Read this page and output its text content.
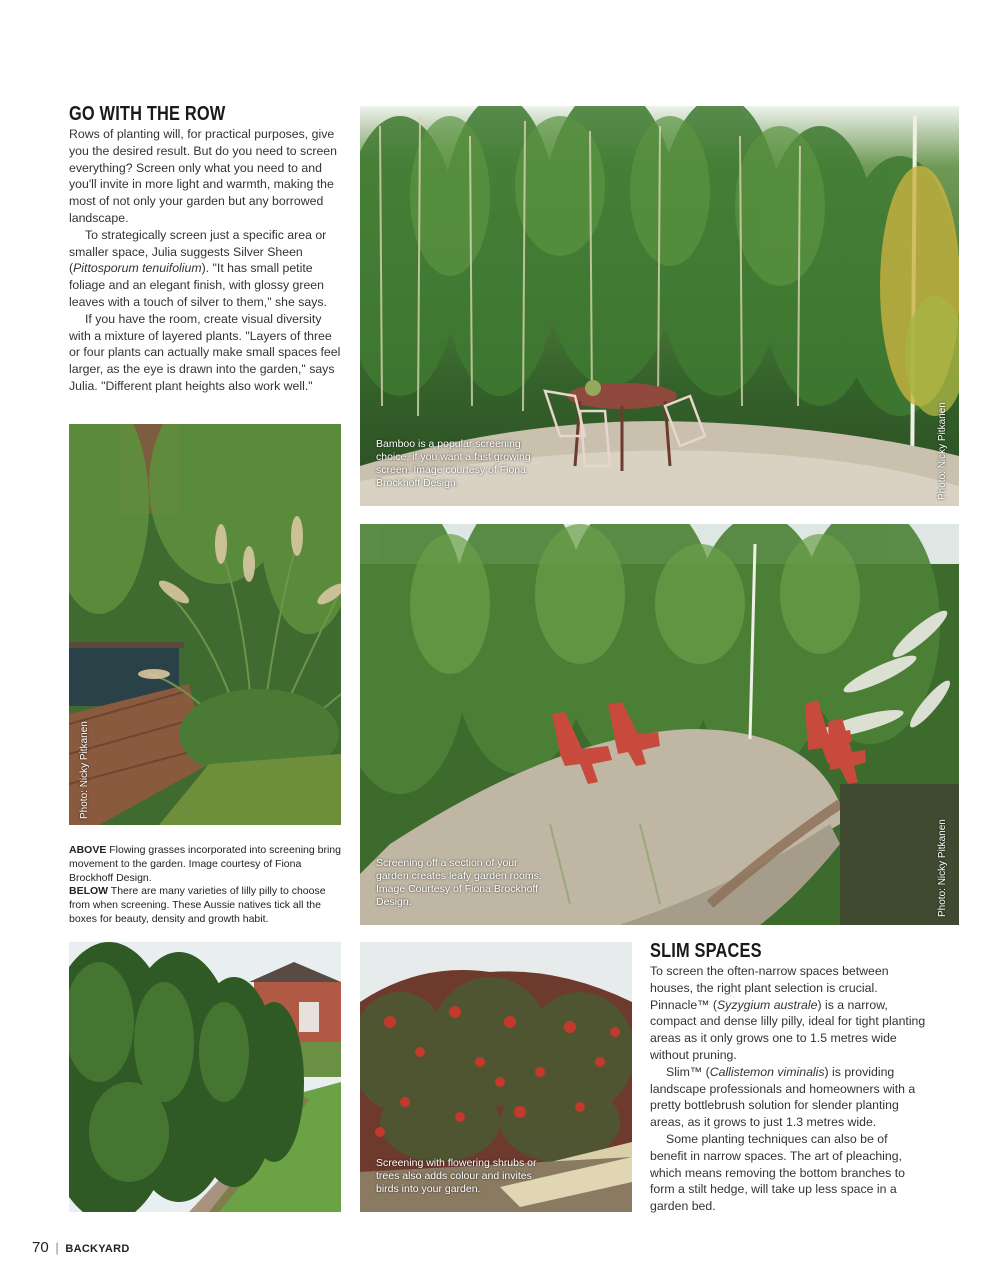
GO WITH THE ROW

Rows of planting will, for practical purposes, give you the desired result. But do you need to screen everything? Screen only what you need to and you'll invite in more light and warmth, making the most of not only your garden but any borrowed landscape.

To strategically screen just a specific area or smaller space, Julia suggests Silver Sheen (Pittosporum tenuifolium). "It has small petite foliage and an elegant finish, with glossy green leaves with a touch of silver to them," she says.

If you have the room, create visual diversity with a mixture of layered plants. "Layers of three or four plants can actually make small spaces feel larger, as the eye is drawn into the garden," says Julia. "Different plant heights also work well."

Bamboo is a popular screening choice, if you want a fast growing screen. Image courtesy of Fiona Brockhoff Design.	Photo: Nicky Pitkanen
Photo: Nicky Pitkanen
ABOVE Flowing grasses incorporated into screening bring movement to the garden. Image courtesy of Fiona Brockhoff Design.
BELOW There are many varieties of lilly pilly to choose from when screening. These Aussie natives tick all the boxes for beauty, density and growth habit.
Screening off a section of your garden creates leafy garden rooms. Image Courtesy of Fiona Brockhoff Design.	Photo: Nicky Pitkanen
Screening with flowering shrubs or trees also adds colour and invites birds into your garden.
SLIM SPACES

To screen the often-narrow spaces between houses, the right plant selection is crucial. Pinnacle™ (Syzygium australe) is a narrow, compact and dense lilly pilly, ideal for tight planting areas as it only grows one to 1.5 metres wide without pruning.

Slim™ (Callistemon viminalis) is providing landscape professionals and homeowners with a pretty bottlebrush solution for slender planting areas, as it grows to just 1.3 metres wide.

Some planting techniques can also be of benefit in narrow spaces. The art of pleaching, which means removing the bottom branches to form a stilt hedge, will take up less space in a garden bed.

70 | BACKYARD
